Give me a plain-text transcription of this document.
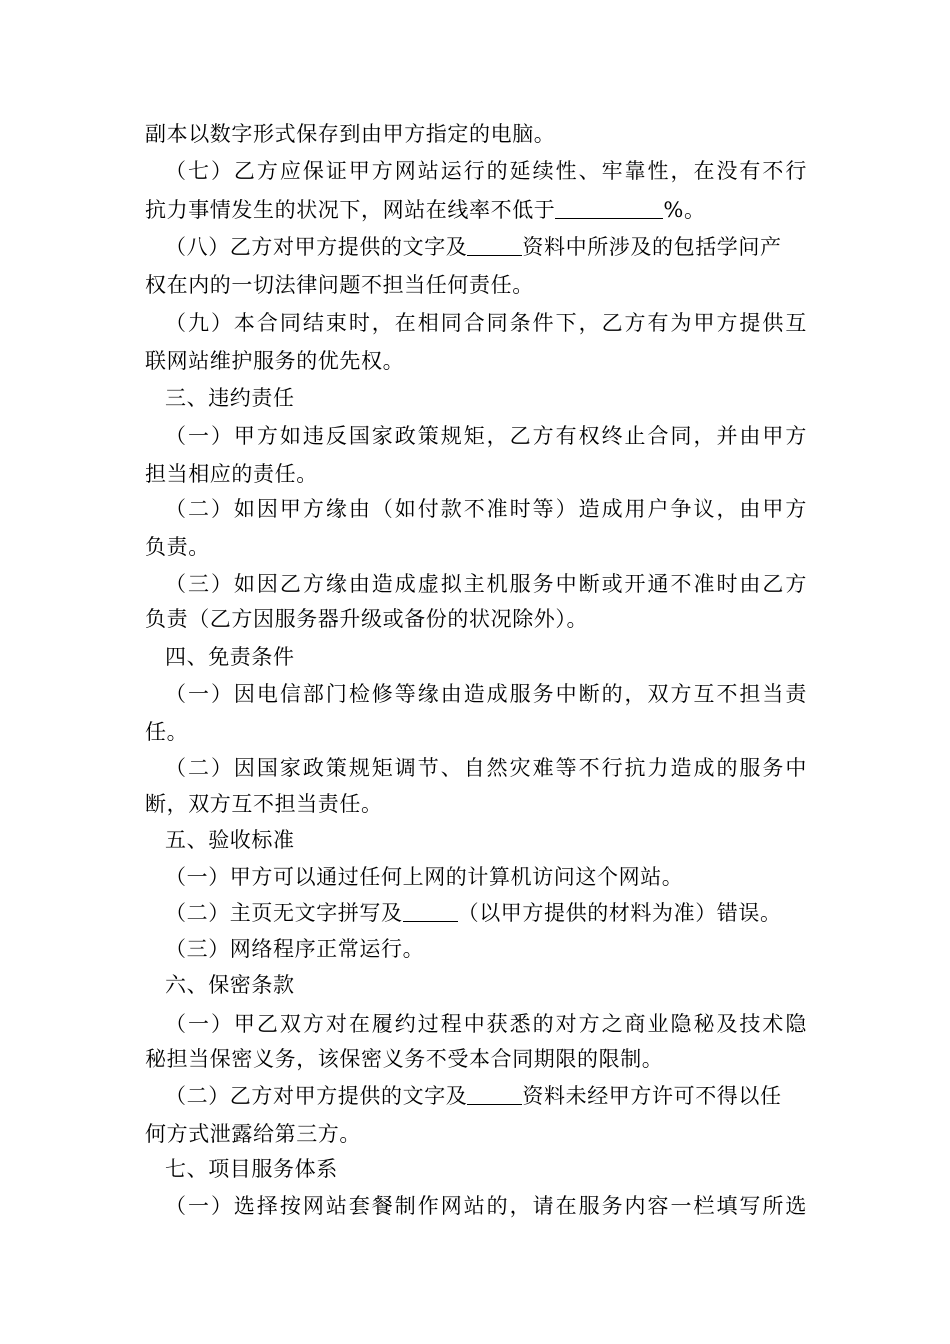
副本以数字形式保存到由甲方指定的电脑。
（七）乙方应保证甲方网站运行的延续性、牢靠性，在没有不行
抗力事情发生的状况下，网站在线率不低于	%。
（八）乙方对甲方提供的文字及	资料中所涉及的包括学问产
权在内的一切法律问题不担当任何责任。
（九）本合同结束时，在相同合同条件下，乙方有为甲方提供互
联网站维护服务的优先权。
三、违约责任
（一）甲方如违反国家政策规矩，乙方有权终止合同，并由甲方
担当相应的责任。
（二）如因甲方缘由（如付款不准时等）造成用户争议，由甲方
负责。
（三）如因乙方缘由造成虚拟主机服务中断或开通不准时由乙方
负责（乙方因服务器升级或备份的状况除外）。
四、免责条件
（一）因电信部门检修等缘由造成服务中断的，双方互不担当责
任。
（二）因国家政策规矩调节、自然灾难等不行抗力造成的服务中
断，双方互不担当责任。
五、验收标准
（一）甲方可以通过任何上网的计算机访问这个网站。
（二）主页无文字拼写及	（以甲方提供的材料为准）错误。
（三）网络程序正常运行。
六、保密条款
（一）甲乙双方对在履约过程中获悉的对方之商业隐秘及技术隐
秘担当保密义务，该保密义务不受本合同期限的限制。
（二）乙方对甲方提供的文字及	资料未经甲方许可不得以任
何方式泄露给第三方。
七、项目服务体系
（一）选择按网站套餐制作网站的，请在服务内容一栏填写所选
